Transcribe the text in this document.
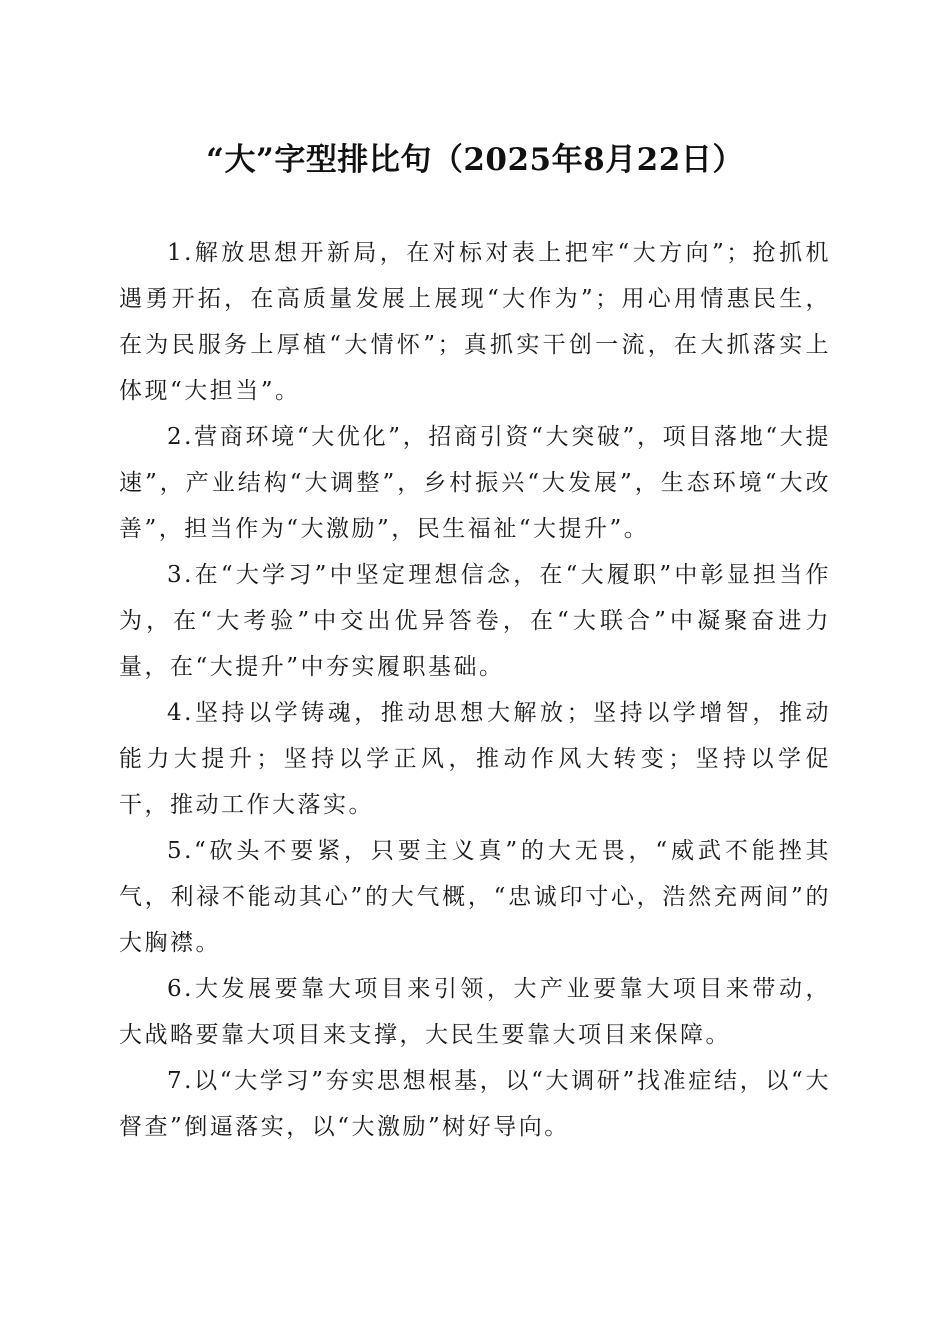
“大”字型排比句（2025年8月22日）

1.解放思想开新局，在对标对表上把牢“大方向”；抢抓机遇勇开拓，在高质量发展上展现“大作为”；用心用情惠民生，在为民服务上厚植“大情怀”；真抓实干创一流，在大抓落实上体现“大担当”。

2.营商环境“大优化”，招商引资“大突破”，项目落地“大提速”，产业结构“大调整”，乡村振兴“大发展”，生态环境“大改善”，担当作为“大激励”，民生福祉“大提升”。

3.在“大学习”中坚定理想信念，在“大履职”中彰显担当作为，在“大考验”中交出优异答卷，在“大联合”中凝聚奋进力量，在“大提升”中夯实履职基础。

4.坚持以学铸魂，推动思想大解放；坚持以学增智，推动能力大提升；坚持以学正风，推动作风大转变；坚持以学促干，推动工作大落实。

5.“砍头不要紧，只要主义真”的大无畏，“威武不能挫其气，利禄不能动其心”的大气概，“忠诚印寸心，浩然充两间”的大胸襟。

6.大发展要靠大项目来引领，大产业要靠大项目来带动，大战略要靠大项目来支撑，大民生要靠大项目来保障。

7.以“大学习”夯实思想根基，以“大调研”找准症结，以“大督查”倒逼落实，以“大激励”树好导向。
